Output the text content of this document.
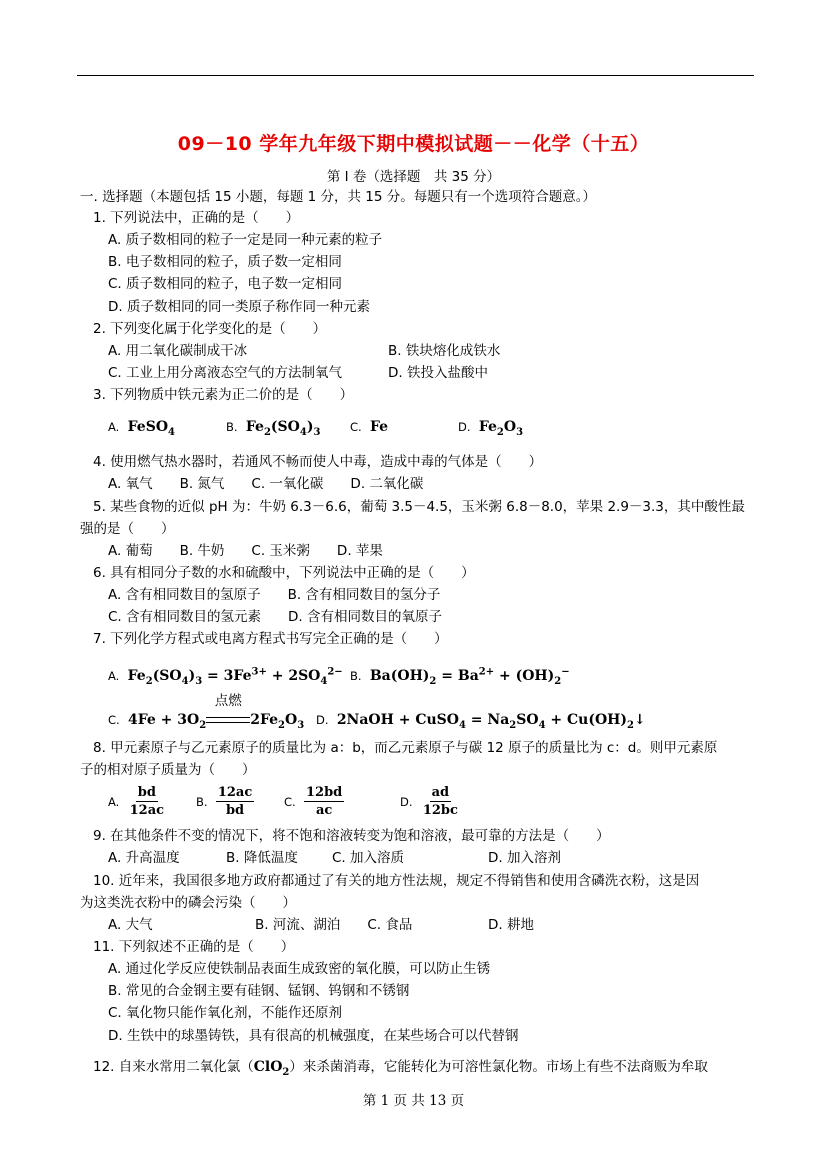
09－10 学年九年级下期中模拟试题－－化学（十五）
第 I 卷（选择题　共 35 分）
一. 选择题（本题包括 15 小题，每题 1 分，共 15 分。每题只有一个选项符合题意。）
1. 下列说法中，正确的是（　　）
A. 质子数相同的粒子一定是同一种元素的粒子
B. 电子数相同的粒子，质子数一定相同
C. 质子数相同的粒子，电子数一定相同
D. 质子数相同的同一类原子称作同一种元素
2. 下列变化属于化学变化的是（　　）
A. 用二氧化碳制成干冰	B. 铁块熔化成铁水
C. 工业上用分离液态空气的方法制氧气	D. 铁投入盐酸中
3. 下列物质中铁元素为正二价的是（　　）
A. FeSO$_4$	B. $Fe_2(SO_4)_3$	C. Fe	D. $Fe_2O_3$
4. 使用燃气热水器时，若通风不畅而使人中毒，造成中毒的气体是（　　）
A. 氧气　　B. 氮气　　C. 一氧化碳　　D. 二氧化碳
5. 某些食物的近似 pH 为：牛奶 6.3－6.6，葡萄 3.5－4.5，玉米粥 6.8－8.0，苹果 2.9－3.3，其中酸性最
强的是（　　）
A. 葡萄　　B. 牛奶　　C. 玉米粥　　D. 苹果
6. 具有相同分子数的水和硫酸中，下列说法中正确的是（　　）
A. 含有相同数目的氢原子　　B. 含有相同数目的氢分子
C. 含有相同数目的氢元素　　D. 含有相同数目的氧原子
7. 下列化学方程式或电离方程式书写完全正确的是（　　）
A. $Fe_2(SO_4)_3 = 3Fe^{3+} + 2SO_4^{2-}$ B. $Ba(OH)_2 = Ba^{2+} + (OH)_2^-$
C. $4Fe + 3O_2$
点燃
$2Fe_2O_3$ D. 2NaOH + CuSO$_4$ = $Na_2SO_4$ + $Cu(OH)_2↓$
8. 甲元素原子与乙元素原子的质量比为 a：b，而乙元素原子与碳 12 原子的质量比为 c：d。则甲元素原
子的相对原子质量为（　　）
A. $\frac{bd}{12ac}$	B. $\frac{12ac}{bd}$	C. $\frac{12bd}{ac}$	D. $\frac{ad}{12bc}$
9. 在其他条件不变的情况下，将不饱和溶液转变为饱和溶液，最可靠的方法是（　　）
A. 升高温度	B. 降低温度	C. 加入溶质	D. 加入溶剂
10. 近年来，我国很多地方政府都通过了有关的地方性法规，规定不得销售和使用含磷洗衣粉，这是因
为这类洗衣粉中的磷会污染（　　）
A. 大气	B. 河流、湖泊　　C. 食品	D. 耕地
11. 下列叙述不正确的是（　　）
A. 通过化学反应使铁制品表面生成致密的氧化膜，可以防止生锈
B. 常见的合金钢主要有硅钢、锰钢、钨钢和不锈钢
C. 氧化物只能作氧化剂，不能作还原剂
D. 生铁中的球墨铸铁，具有很高的机械强度，在某些场合可以代替钢
12. 自来水常用二氧化氯（ClO$_2$）来杀菌消毒，它能转化为可溶性氯化物。市场上有些不法商贩为牟取
第 1 页 共 13 页
